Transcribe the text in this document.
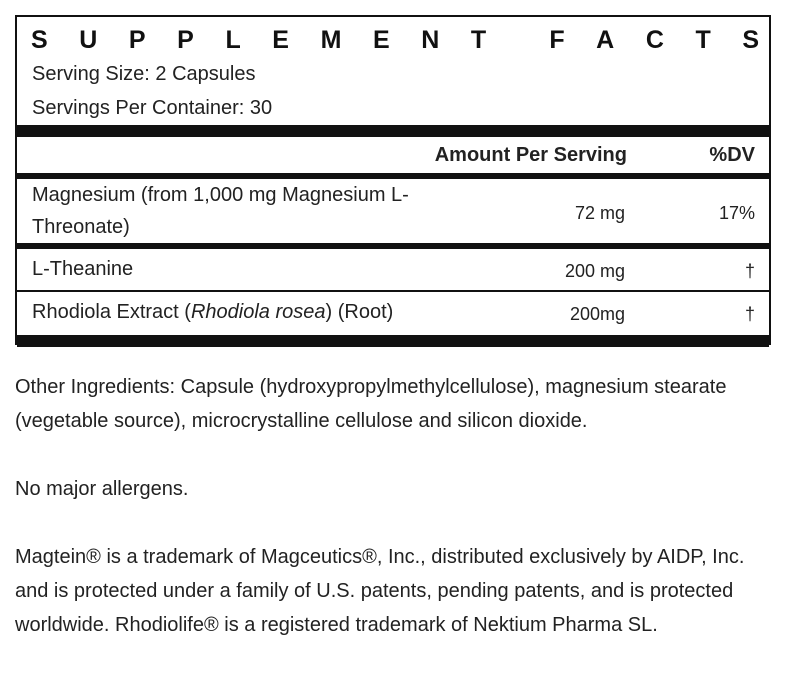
S U P P L E M E N T	F A C T S
Serving Size: 2 Capsules
Servings Per Container: 30
Amount Per Serving	%DV
Magnesium (from 1,000 mg Magnesium L-
Threonate)
72 mg	17%
L-Theanine	200 mg	†
Rhodiola Extract (Rhodiola rosea) (Root)	200mg	†

Other Ingredients: Capsule (hydroxypropylmethylcellulose), magnesium stearate (vegetable source), microcrystalline cellulose and silicon dioxide.

No major allergens.

Magtein® is a trademark of Magceutics®, Inc., distributed exclusively by AIDP, Inc. and is protected under a family of U.S. patents, pending patents, and is protected worldwide. Rhodiolife® is a registered trademark of Nektium Pharma SL.
